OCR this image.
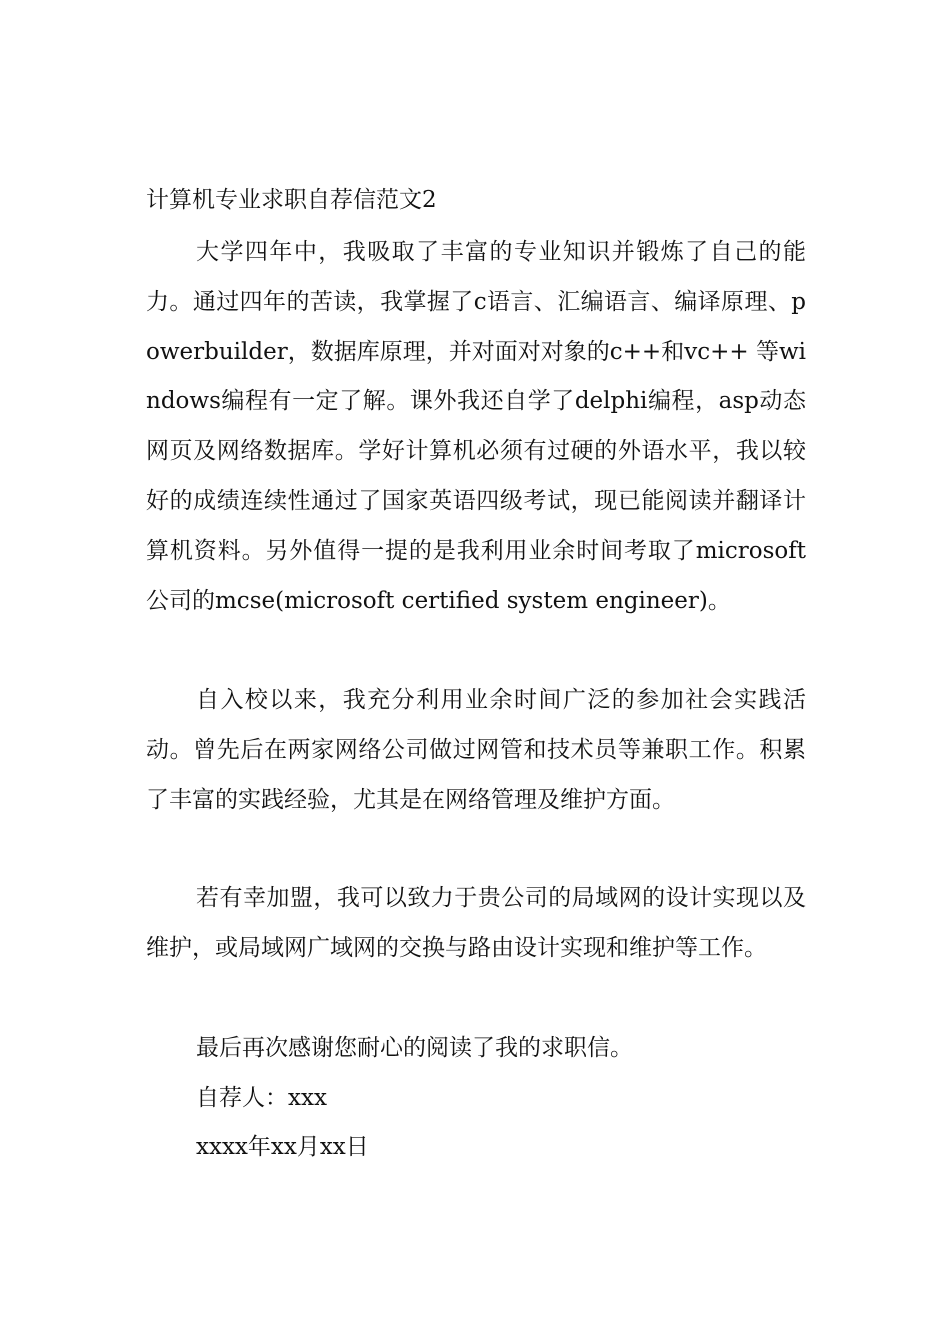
计算机专业求职自荐信范文2
大学四年中，我吸取了丰富的专业知识并锻炼了自己的能力。通过四年的苦读，我掌握了c语言、汇编语言、编译原理、powerbuilder，数据库原理，并对面对对象的c++和vc++ 等windows编程有一定了解。课外我还自学了delphi编程，asp动态网页及网络数据库。学好计算机必须有过硬的外语水平，我以较好的成绩连续性通过了国家英语四级考试，现已能阅读并翻译计算机资料。另外值得一提的是我利用业余时间考取了microsoft 公司的mcse(microsoft certified system engineer)。
自入校以来，我充分利用业余时间广泛的参加社会实践活动。曾先后在两家网络公司做过网管和技术员等兼职工作。积累了丰富的实践经验，尤其是在网络管理及维护方面。
若有幸加盟，我可以致力于贵公司的局域网的设计实现以及维护，或局域网广域网的交换与路由设计实现和维护等工作。
最后再次感谢您耐心的阅读了我的求职信。
自荐人：xxx
xxxx年xx月xx日
